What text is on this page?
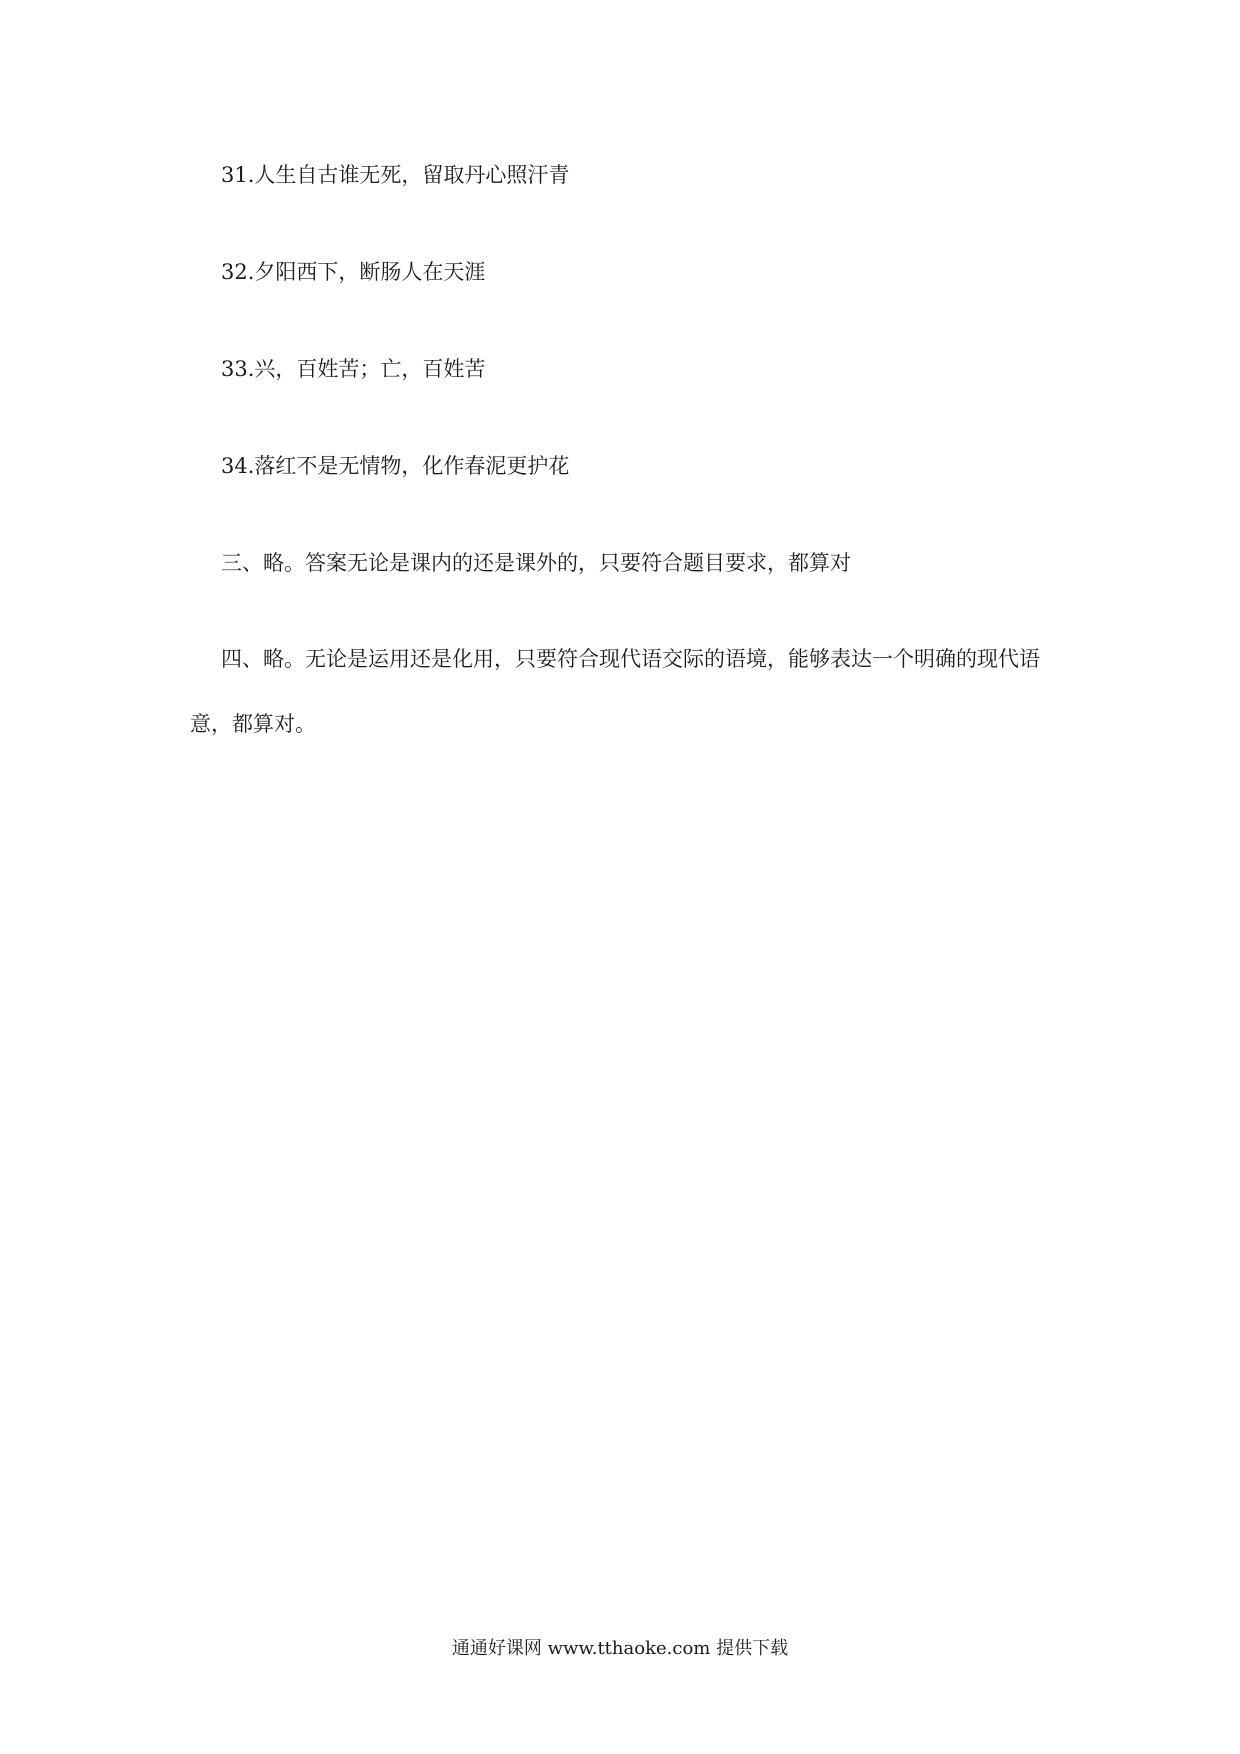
31.人生自古谁无死，留取丹心照汗青
32.夕阳西下，断肠人在天涯
33.兴，百姓苦；亡，百姓苦
34.落红不是无情物，化作春泥更护花
三、略。答案无论是课内的还是课外的，只要符合题目要求，都算对
四、略。无论是运用还是化用，只要符合现代语交际的语境，能够表达一个明确的现代语意，都算对。
通通好课网 www.tthaoke.com 提供下载
